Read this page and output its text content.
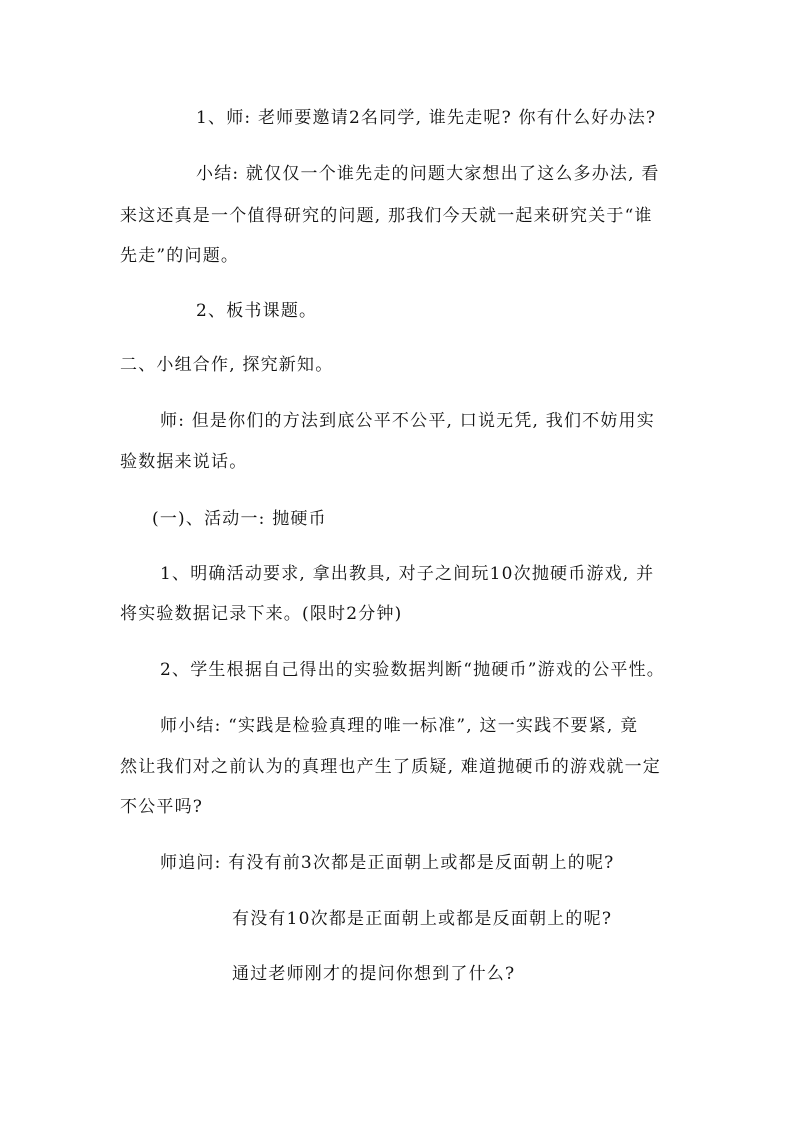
1、师: 老师要邀请2名同学, 谁先走呢? 你有什么好办法?
小结: 就仅仅一个谁先走的问题大家想出了这么多办法, 看
来这还真是一个值得研究的问题, 那我们今天就一起来研究关于“谁
先走”的问题。
2、板书课题。
二、小组合作, 探究新知。
师: 但是你们的方法到底公平不公平, 口说无凭, 我们不妨用实
验数据来说话。
(一)、活动一: 抛硬币
1、明确活动要求, 拿出教具, 对子之间玩10次抛硬币游戏, 并
将实验数据记录下来。(限时2分钟)
2、学生根据自己得出的实验数据判断“抛硬币”游戏的公平性。
师小结: “实践是检验真理的唯一标准”, 这一实践不要紧, 竟
然让我们对之前认为的真理也产生了质疑, 难道抛硬币的游戏就一定
不公平吗?
师追问: 有没有前3次都是正面朝上或都是反面朝上的呢?
有没有10次都是正面朝上或都是反面朝上的呢?
通过老师刚才的提问你想到了什么?
